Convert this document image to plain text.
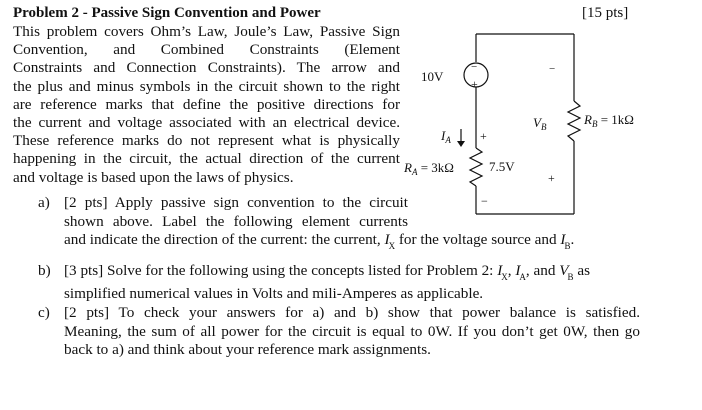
Problem 2 - Passive Sign Convention and Power	[15 pts]
This problem covers Ohm’s Law, Joule’s Law, Passive Sign
Convention, and Combined Constraints (Element
Constraints and Connection Constraints). The arrow and
the plus and minus symbols in the circuit shown to the right
are reference marks that define the positive directions for
the current and voltage associated with an electrical device.
These reference marks do not represent what is physically
happening in the circuit, the actual direction of the current
and voltage is based upon the laws of physics.
10V
−
+
$I_A$ +
7.5V
−
$R_A = 3k\Omega$
−
$V_B$
+
$R_B = 1k\Omega$
a) [2 pts] Apply passive sign convention to the circuit
shown above. Label the following element currents
and indicate the direction of the current: the current, $I_X$ for the voltage source and $I_B$.
b) [3 pts] Solve for the following using the concepts listed for Problem 2: $I_X$, $I_A$, and $V_B$ as
simplified numerical values in Volts and mili-Amperes as applicable.
c) [2 pts] To check your answers for a) and b) show that power balance is satisfied.
Meaning, the sum of all power for the circuit is equal to 0W. If you don’t get 0W, then go
back to a) and think about your reference mark assignments.
